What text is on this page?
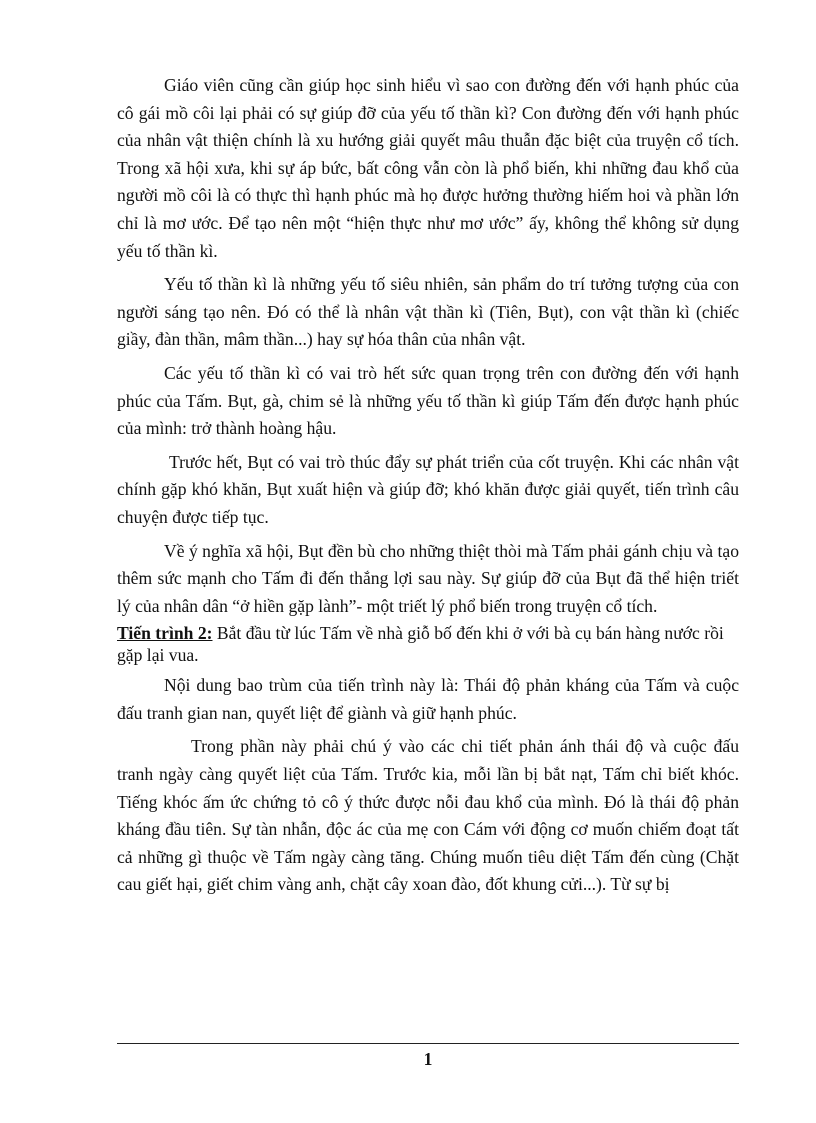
Giáo viên cũng cần giúp học sinh hiểu vì sao con đường đến với hạnh phúc của cô gái mồ côi lại phải có sự giúp đỡ của yếu tố thần kì? Con đường đến với hạnh phúc của nhân vật thiện chính là xu hướng giải quyết mâu thuẫn đặc biệt của truyện cổ tích. Trong xã hội xưa, khi sự áp bức, bất công vẫn còn là phổ biến, khi những đau khổ của người mồ côi là có thực thì hạnh phúc mà họ được hưởng thường hiếm hoi và phần lớn chỉ là mơ ước. Để tạo nên một “hiện thực như mơ ước” ấy, không thể không sử dụng yếu tố thần kì.

Yếu tố thần kì là những yếu tố siêu nhiên, sản phẩm do trí tưởng tượng của con người sáng tạo nên. Đó có thể là nhân vật thần kì (Tiên, Bụt), con vật thần kì (chiếc giầy, đàn thần, mâm thần...) hay sự hóa thân của nhân vật.

Các yếu tố thần kì có vai trò hết sức quan trọng trên con đường đến với hạnh phúc của Tấm. Bụt, gà, chim sẻ là những yếu tố thần kì giúp Tấm đến được hạnh phúc của mình: trở thành hoàng hậu.

Trước hết, Bụt có vai trò thúc đẩy sự phát triển của cốt truyện. Khi các nhân vật chính gặp khó khăn, Bụt xuất hiện và giúp đỡ; khó khăn được giải quyết, tiến trình câu chuyện được tiếp tục.

Về ý nghĩa xã hội, Bụt đền bù cho những thiệt thòi mà Tấm phải gánh chịu và tạo thêm sức mạnh cho Tấm đi đến thắng lợi sau này. Sự giúp đỡ của Bụt đã thể hiện triết lý của nhân dân “ở hiền gặp lành”- một triết lý phổ biến trong truyện cổ tích.

Tiến trình 2: Bắt đầu từ lúc Tấm về nhà giỗ bố đến khi ở với bà cụ bán hàng nước rồi gặp lại vua.

Nội dung bao trùm của tiến trình này là: Thái độ phản kháng của Tấm và cuộc đấu tranh gian nan, quyết liệt để giành và giữ hạnh phúc.

Trong phần này phải chú ý vào các chi tiết phản ánh thái độ và cuộc đấu tranh ngày càng quyết liệt của Tấm. Trước kia, mỗi lần bị bắt nạt, Tấm chỉ biết khóc. Tiếng khóc ấm ức chứng tỏ cô ý thức được nỗi đau khổ của mình. Đó là thái độ phản kháng đầu tiên. Sự tàn nhẫn, độc ác của mẹ con Cám với động cơ muốn chiếm đoạt tất cả những gì thuộc về Tấm ngày càng tăng. Chúng muốn tiêu diệt Tấm đến cùng (Chặt cau giết hại, giết chim vàng anh, chặt cây xoan đào, đốt khung cửi...). Từ sự bị

1
